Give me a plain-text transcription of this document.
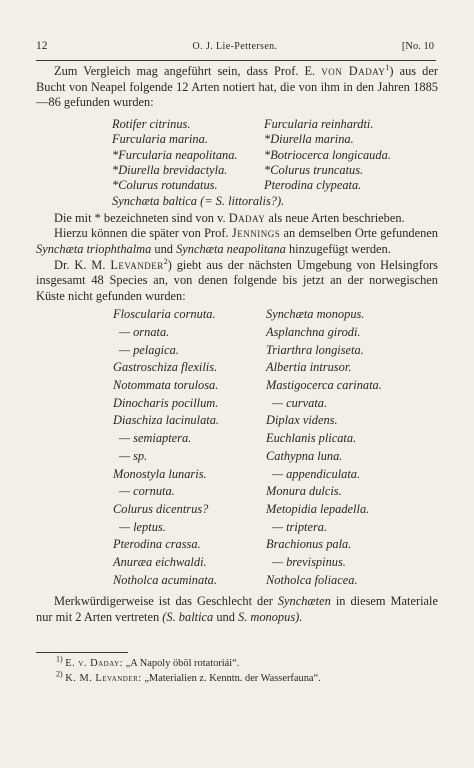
12	O. J. Lie-Pettersen.	[No. 10

Zum Vergleich mag angeführt sein, dass Prof. E. von Daday$^1$) aus der Bucht von Neapel folgende 12 Arten notiert hat, die von ihm in den Jahren 1885—86 gefunden wurden:

Rotifer citrinus.
Furcularia marina.
*Furcularia neapolitana.
*Diurella brevidactyla.
*Colurus rotundatus.
Furcularia reinhardti.
*Diurella marina.
*Botriocerca longicauda.
*Colurus truncatus.
Pterodina clypeata.
Synchæta baltica (= S. littoralis?).

Die mit * bezeichneten sind von v. Daday als neue Arten beschrieben.

Hierzu können die später von Prof. Jennings an demselben Orte gefundenen Synchæta triophthalma und Synchæta neapolitana hinzugefügt werden.

Dr. K. M. Levander$^2$) giebt aus der nächsten Umgebung von Helsingfors insgesamt 48 Species an, von denen folgende bis jetzt an der norwegischen Küste nicht gefunden wurden:

Floscularia cornuta.
— ornata.
— pelagica.
Gastroschiza flexilis.
Notommata torulosa.
Dinocharis pocillum.
Diaschiza lacinulata.
— semiaptera.
— sp.
Monostyla lunaris.
— cornuta.
Colurus dicentrus?
— leptus.
Pterodina crassa.
Anuræa eichwaldi.
Notholca acuminata.
Synchæta monopus.
Asplanchna girodi.
Triarthra longiseta.
Albertia intrusor.
Mastigocerca carinata.
— curvata.
Diplax videns.
Euchlanis plicata.
Cathypna luna.
— appendiculata.
Monura dulcis.
Metopidia lepadella.
— triptera.
Brachionus pala.
— brevispinus.
Notholca foliacea.

Merkwürdigerweise ist das Geschlecht der Synchæten in diesem Materiale nur mit 2 Arten vertreten (S. baltica und S. monopus).

$^{1)}$ E. v. Daday: „A Napoly öböl rotatoriái“.
$^{2)}$ K. M. Levander: „Materialien z. Kenntn. der Wasserfauna“.
